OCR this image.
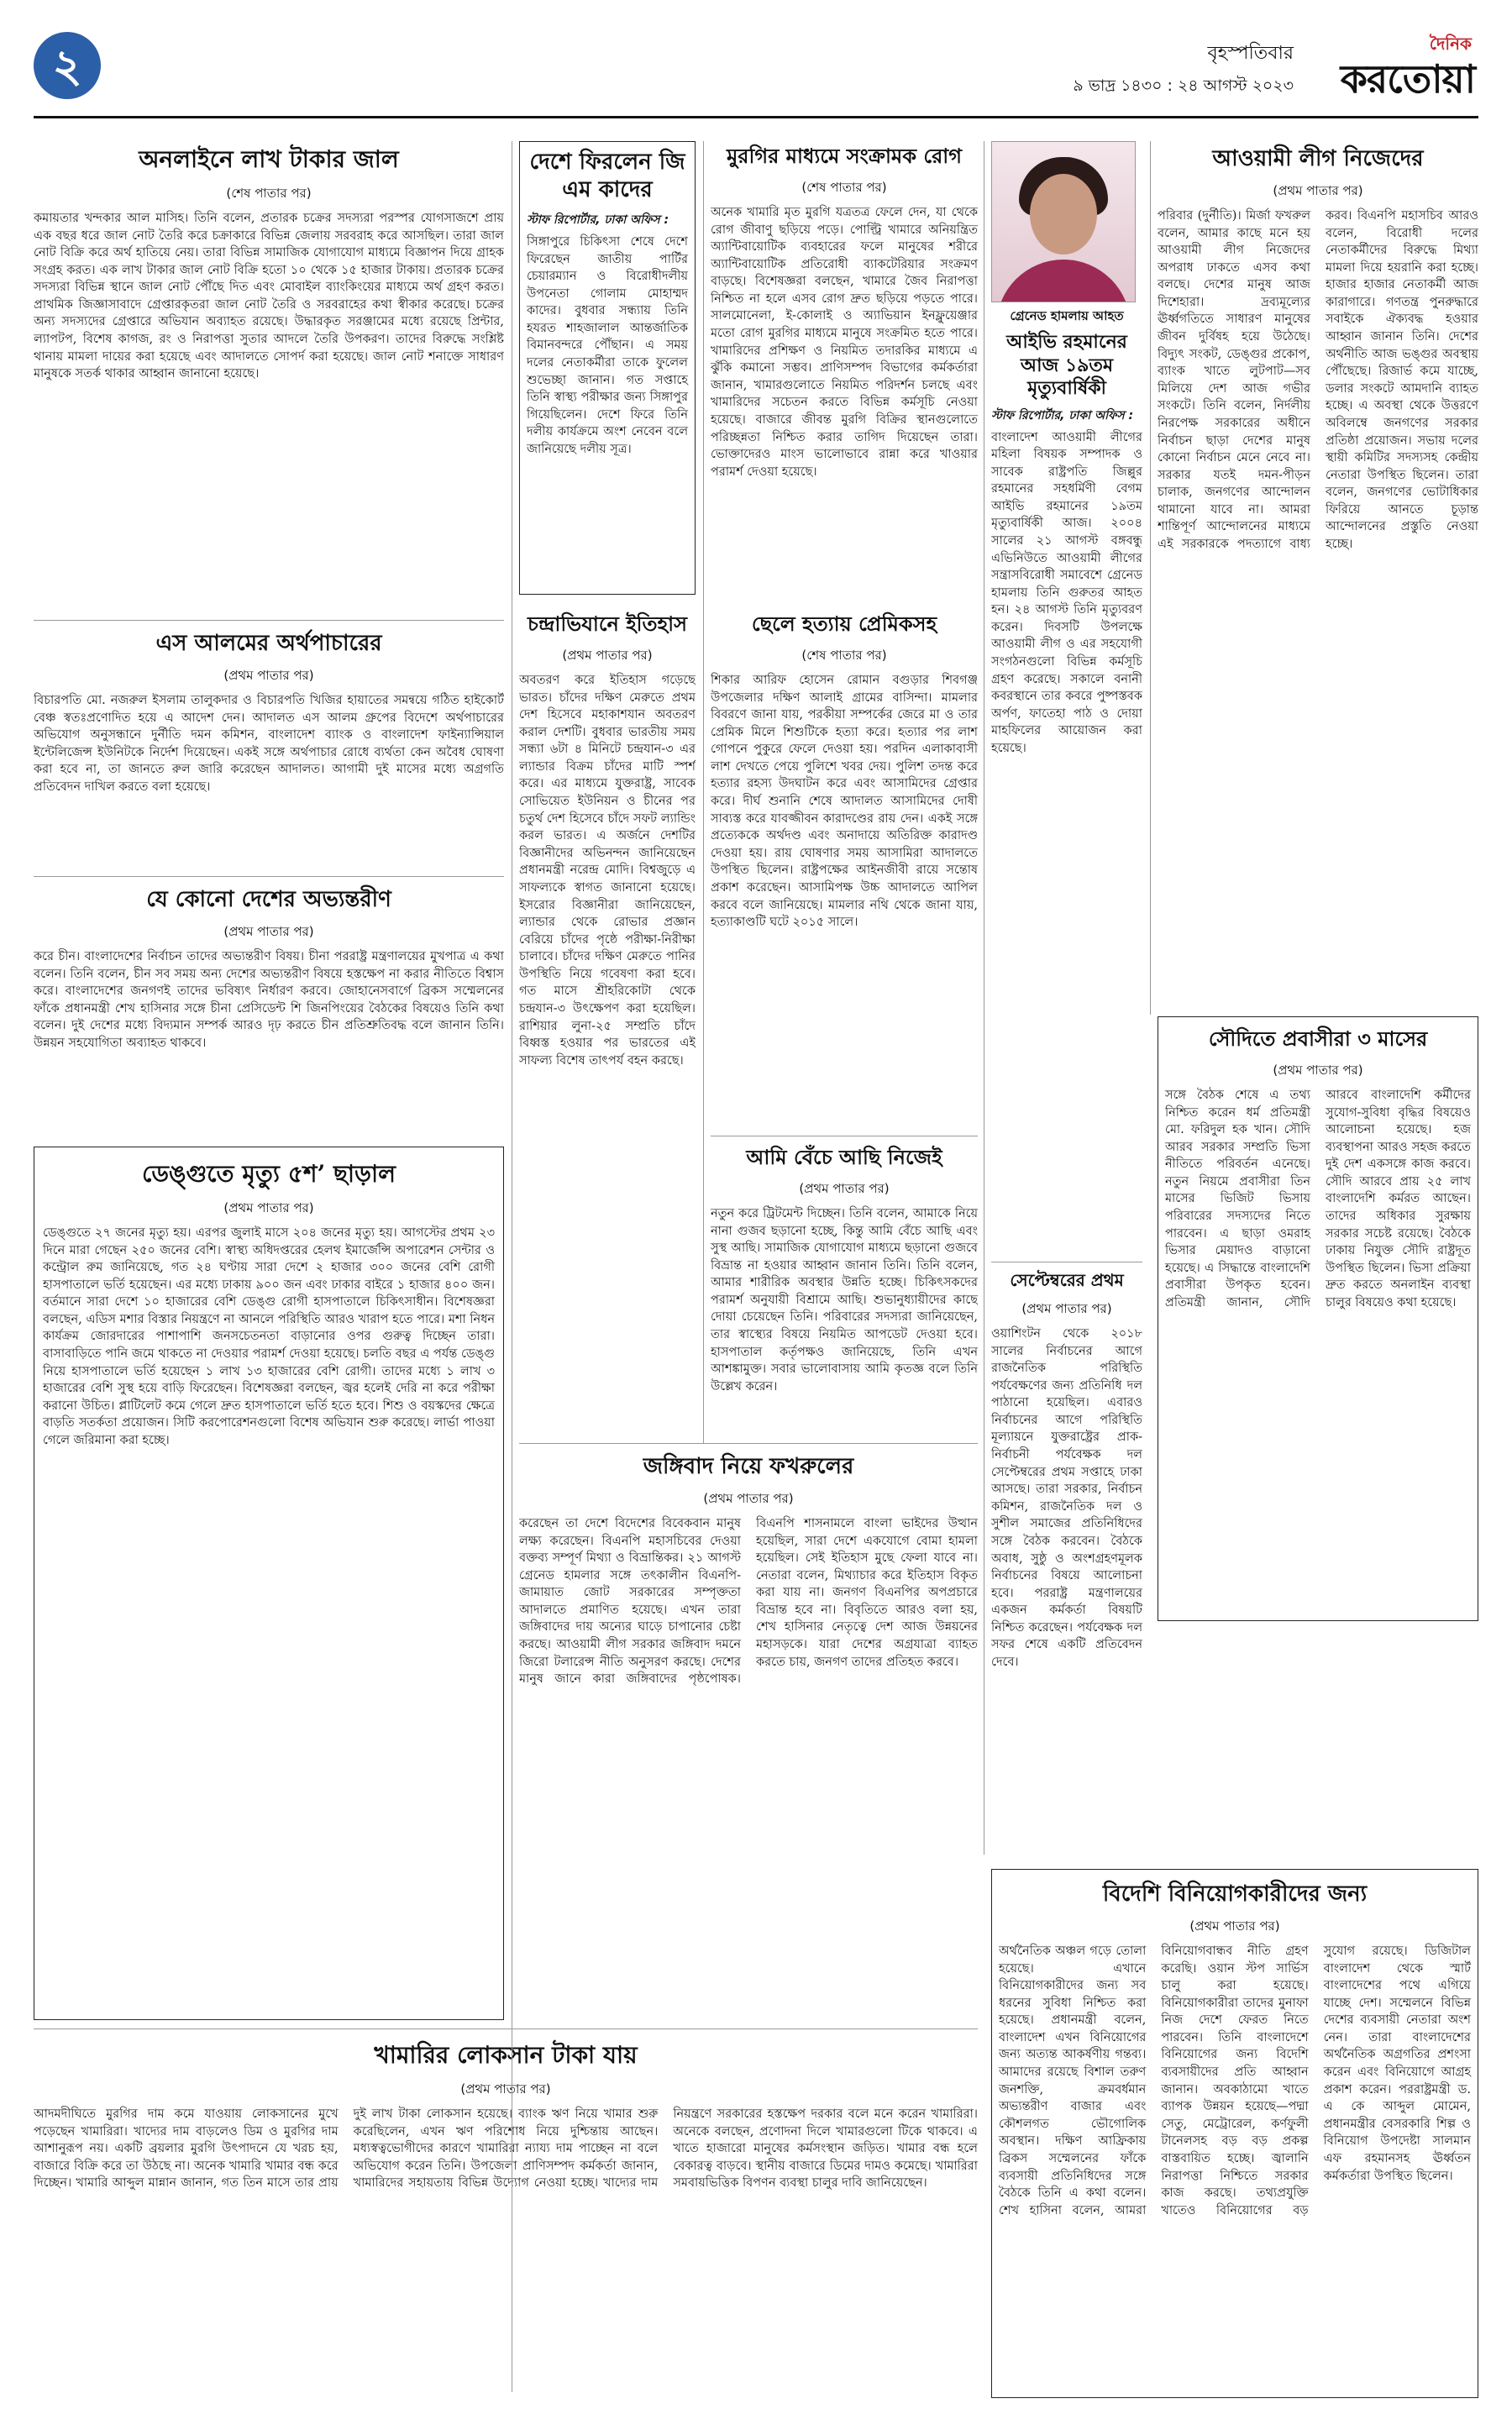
২	বৃহস্পতিবার
৯ ভাদ্র ১৪৩০ : ২৪ আগস্ট ২০২৩
দৈনিক
করতোয়া
অনলাইনে লাখ টাকার জাল
(শেষ পাতার পর)
কমায়তার খন্দকার আল মাসিহ। তিনি বলেন, প্রতারক চক্রের সদস্যরা পরস্পর যোগসাজশে প্রায় এক বছর ধরে জাল নোট তৈরি করে চক্রাকারে বিভিন্ন জেলায় সরবরাহ করে আসছিল। তারা জাল নোট বিক্রি করে অর্থ হাতিয়ে নেয়। তারা বিভিন্ন সামাজিক যোগাযোগ মাধ্যমে বিজ্ঞাপন দিয়ে গ্রাহক সংগ্রহ করত। এক লাখ টাকার জাল নোট বিক্রি হতো ১০ থেকে ১৫ হাজার টাকায়। প্রতারক চক্রের সদস্যরা বিভিন্ন স্থানে জাল নোট পৌঁছে দিত এবং মোবাইল ব্যাংকিংয়ের মাধ্যমে অর্থ গ্রহণ করত। প্রাথমিক জিজ্ঞাসাবাদে গ্রেপ্তারকৃতরা জাল নোট তৈরি ও সরবরাহের কথা স্বীকার করেছে। চক্রের অন্য সদস্যদের গ্রেপ্তারে অভিযান অব্যাহত রয়েছে। উদ্ধারকৃত সরঞ্জামের মধ্যে রয়েছে প্রিন্টার, ল্যাপটপ, বিশেষ কাগজ, রং ও নিরাপত্তা সুতার আদলে তৈরি উপকরণ। তাদের বিরুদ্ধে সংশ্লিষ্ট থানায় মামলা দায়ের করা হয়েছে এবং আদালতে সোপর্দ করা হয়েছে। জাল নোট শনাক্তে সাধারণ মানুষকে সতর্ক থাকার আহ্বান জানানো হয়েছে।
দেশে ফিরলেন জি এম কাদের
স্টাফ রিপোর্টার, ঢাকা অফিস :
সিঙ্গাপুরে চিকিৎসা শেষে দেশে ফিরেছেন জাতীয় পার্টির চেয়ারম্যান ও বিরোধীদলীয় উপনেতা গোলাম মোহাম্মদ কাদের। বুধবার সন্ধ্যায় তিনি হযরত শাহজালাল আন্তর্জাতিক বিমানবন্দরে পৌঁছান। এ সময় দলের নেতাকর্মীরা তাকে ফুলেল শুভেচ্ছা জানান। গত সপ্তাহে তিনি স্বাস্থ্য পরীক্ষার জন্য সিঙ্গাপুর গিয়েছিলেন। দেশে ফিরে তিনি দলীয় কার্যক্রমে অংশ নেবেন বলে জানিয়েছে দলীয় সূত্র।
মুরগির মাধ্যমে সংক্রামক রোগ
(শেষ পাতার পর)
অনেক খামারি মৃত মুরগি যত্রতত্র ফেলে দেন, যা থেকে রোগ জীবাণু ছড়িয়ে পড়ে। পোল্ট্রি খামারে অনিয়ন্ত্রিত অ্যান্টিবায়োটিক ব্যবহারের ফলে মানুষের শরীরে অ্যান্টিবায়োটিক প্রতিরোধী ব্যাকটেরিয়ার সংক্রমণ বাড়ছে। বিশেষজ্ঞরা বলছেন, খামারে জৈব নিরাপত্তা নিশ্চিত না হলে এসব রোগ দ্রুত ছড়িয়ে পড়তে পারে। সালমোনেলা, ই-কোলাই ও অ্যাভিয়ান ইনফ্লুয়েঞ্জার মতো রোগ মুরগির মাধ্যমে মানুষে সংক্রমিত হতে পারে। খামারিদের প্রশিক্ষণ ও নিয়মিত তদারকির মাধ্যমে এ ঝুঁকি কমানো সম্ভব। প্রাণিসম্পদ বিভাগের কর্মকর্তারা জানান, খামারগুলোতে নিয়মিত পরিদর্শন চলছে এবং খামারিদের সচেতন করতে বিভিন্ন কর্মসূচি নেওয়া হয়েছে। বাজারে জীবন্ত মুরগি বিক্রির স্থানগুলোতে পরিচ্ছন্নতা নিশ্চিত করার তাগিদ দিয়েছেন তারা। ভোক্তাদেরও মাংস ভালোভাবে রান্না করে খাওয়ার পরামর্শ দেওয়া হয়েছে।
গ্রেনেড হামলায় আহত
আইভি রহমানের আজ ১৯তম মৃত্যুবার্ষিকী
স্টাফ রিপোর্টার, ঢাকা অফিস :
বাংলাদেশ আওয়ামী লীগের মহিলা বিষয়ক সম্পাদক ও সাবেক রাষ্ট্রপতি জিল্লুর রহমানের সহধর্মিণী বেগম আইভি রহমানের ১৯তম মৃত্যুবার্ষিকী আজ। ২০০৪ সালের ২১ আগস্ট বঙ্গবন্ধু এভিনিউতে আওয়ামী লীগের সন্ত্রাসবিরোধী সমাবেশে গ্রেনেড হামলায় তিনি গুরুতর আহত হন। ২৪ আগস্ট তিনি মৃত্যুবরণ করেন। দিবসটি উপলক্ষে আওয়ামী লীগ ও এর সহযোগী সংগঠনগুলো বিভিন্ন কর্মসূচি গ্রহণ করেছে। সকালে বনানী কবরস্থানে তার কবরে পুষ্পস্তবক অর্পণ, ফাতেহা পাঠ ও দোয়া মাহফিলের আয়োজন করা হয়েছে।
আওয়ামী লীগ নিজেদের
(প্রথম পাতার পর)
পরিবার (দুর্নীতি)। মির্জা ফখরুল বলেন, আমার কাছে মনে হয় আওয়ামী লীগ নিজেদের অপরাধ ঢাকতে এসব কথা বলছে। দেশের মানুষ আজ দিশেহারা। দ্রব্যমূল্যের ঊর্ধ্বগতিতে সাধারণ মানুষের জীবন দুর্বিষহ হয়ে উঠেছে। বিদ্যুৎ সংকট, ডেঙ্গুর প্রকোপ, ব্যাংক খাতে লুটপাট—সব মিলিয়ে দেশ আজ গভীর সংকটে। তিনি বলেন, নির্দলীয় নিরপেক্ষ সরকারের অধীনে নির্বাচন ছাড়া দেশের মানুষ কোনো নির্বাচন মেনে নেবে না। সরকার যতই দমন-পীড়ন চালাক, জনগণের আন্দোলন থামানো যাবে না। আমরা শান্তিপূর্ণ আন্দোলনের মাধ্যমে এই সরকারকে পদত্যাগে বাধ্য করব। বিএনপি মহাসচিব আরও বলেন, বিরোধী দলের নেতাকর্মীদের বিরুদ্ধে মিথ্যা মামলা দিয়ে হয়রানি করা হচ্ছে। হাজার হাজার নেতাকর্মী আজ কারাগারে। গণতন্ত্র পুনরুদ্ধারে সবাইকে ঐক্যবদ্ধ হওয়ার আহ্বান জানান তিনি। দেশের অর্থনীতি আজ ভঙ্গুর অবস্থায় পৌঁছেছে। রিজার্ভ কমে যাচ্ছে, ডলার সংকটে আমদানি ব্যাহত হচ্ছে। এ অবস্থা থেকে উত্তরণে অবিলম্বে জনগণের সরকার প্রতিষ্ঠা প্রয়োজন। সভায় দলের স্থায়ী কমিটির সদস্যসহ কেন্দ্রীয় নেতারা উপস্থিত ছিলেন। তারা বলেন, জনগণের ভোটাধিকার ফিরিয়ে আনতে চূড়ান্ত আন্দোলনের প্রস্তুতি নেওয়া হচ্ছে।
এস আলমের অর্থপাচারের
(প্রথম পাতার পর)
বিচারপতি মো. নজরুল ইসলাম তালুকদার ও বিচারপতি খিজির হায়াতের সমন্বয়ে গঠিত হাইকোর্ট বেঞ্চ স্বতঃপ্রণোদিত হয়ে এ আদেশ দেন। আদালত এস আলম গ্রুপের বিদেশে অর্থপাচারের অভিযোগ অনুসন্ধানে দুর্নীতি দমন কমিশন, বাংলাদেশ ব্যাংক ও বাংলাদেশ ফাইন্যান্সিয়াল ইন্টেলিজেন্স ইউনিটকে নির্দেশ দিয়েছেন। একই সঙ্গে অর্থপাচার রোধে ব্যর্থতা কেন অবৈধ ঘোষণা করা হবে না, তা জানতে রুল জারি করেছেন আদালত। আগামী দুই মাসের মধ্যে অগ্রগতি প্রতিবেদন দাখিল করতে বলা হয়েছে।
যে কোনো দেশের অভ্যন্তরীণ
(প্রথম পাতার পর)
করে চীন। বাংলাদেশের নির্বাচন তাদের অভ্যন্তরীণ বিষয়। চীনা পররাষ্ট্র মন্ত্রণালয়ের মুখপাত্র এ কথা বলেন। তিনি বলেন, চীন সব সময় অন্য দেশের অভ্যন্তরীণ বিষয়ে হস্তক্ষেপ না করার নীতিতে বিশ্বাস করে। বাংলাদেশের জনগণই তাদের ভবিষ্যৎ নির্ধারণ করবে। জোহানেসবার্গে ব্রিকস সম্মেলনের ফাঁকে প্রধানমন্ত্রী শেখ হাসিনার সঙ্গে চীনা প্রেসিডেন্ট শি জিনপিংয়ের বৈঠকের বিষয়েও তিনি কথা বলেন। দুই দেশের মধ্যে বিদ্যমান সম্পর্ক আরও দৃঢ় করতে চীন প্রতিশ্রুতিবদ্ধ বলে জানান তিনি। উন্নয়ন সহযোগিতা অব্যাহত থাকবে।
চন্দ্রাভিযানে ইতিহাস
(প্রথম পাতার পর)
অবতরণ করে ইতিহাস গড়েছে ভারত। চাঁদের দক্ষিণ মেরুতে প্রথম দেশ হিসেবে মহাকাশযান অবতরণ করাল দেশটি। বুধবার ভারতীয় সময় সন্ধ্যা ৬টা ৪ মিনিটে চন্দ্রযান-৩ এর ল্যান্ডার বিক্রম চাঁদের মাটি স্পর্শ করে। এর মাধ্যমে যুক্তরাষ্ট্র, সাবেক সোভিয়েত ইউনিয়ন ও চীনের পর চতুর্থ দেশ হিসেবে চাঁদে সফট ল্যান্ডিং করল ভারত। এ অর্জনে দেশটির বিজ্ঞানীদের অভিনন্দন জানিয়েছেন প্রধানমন্ত্রী নরেন্দ্র মোদি। বিশ্বজুড়ে এ সাফল্যকে স্বাগত জানানো হয়েছে। ইসরোর বিজ্ঞানীরা জানিয়েছেন, ল্যান্ডার থেকে রোভার প্রজ্ঞান বেরিয়ে চাঁদের পৃষ্ঠে পরীক্ষা-নিরীক্ষা চালাবে। চাঁদের দক্ষিণ মেরুতে পানির উপস্থিতি নিয়ে গবেষণা করা হবে। গত মাসে শ্রীহরিকোটা থেকে চন্দ্রযান-৩ উৎক্ষেপণ করা হয়েছিল। রাশিয়ার লুনা-২৫ সম্প্রতি চাঁদে বিধ্বস্ত হওয়ার পর ভারতের এই সাফল্য বিশেষ তাৎপর্য বহন করছে।
ছেলে হত্যায় প্রেমিকসহ
(শেষ পাতার পর)
শিকার আরিফ হোসেন রোমান বগুড়ার শিবগঞ্জ উপজেলার দক্ষিণ আলাই গ্রামের বাসিন্দা। মামলার বিবরণে জানা যায়, পরকীয়া সম্পর্কের জেরে মা ও তার প্রেমিক মিলে শিশুটিকে হত্যা করে। হত্যার পর লাশ গোপনে পুকুরে ফেলে দেওয়া হয়। পরদিন এলাকাবাসী লাশ দেখতে পেয়ে পুলিশে খবর দেয়। পুলিশ তদন্ত করে হত্যার রহস্য উদঘাটন করে এবং আসামিদের গ্রেপ্তার করে। দীর্ঘ শুনানি শেষে আদালত আসামিদের দোষী সাব্যস্ত করে যাবজ্জীবন কারাদণ্ডের রায় দেন। একই সঙ্গে প্রত্যেককে অর্থদণ্ড এবং অনাদায়ে অতিরিক্ত কারাদণ্ড দেওয়া হয়। রায় ঘোষণার সময় আসামিরা আদালতে উপস্থিত ছিলেন। রাষ্ট্রপক্ষের আইনজীবী রায়ে সন্তোষ প্রকাশ করেছেন। আসামিপক্ষ উচ্চ আদালতে আপিল করবে বলে জানিয়েছে। মামলার নথি থেকে জানা যায়, হত্যাকাণ্ডটি ঘটে ২০১৫ সালে।
আমি বেঁচে আছি নিজেই
(প্রথম পাতার পর)
নতুন করে ট্রিটমেন্ট দিচ্ছেন। তিনি বলেন, আমাকে নিয়ে নানা গুজব ছড়ানো হচ্ছে, কিন্তু আমি বেঁচে আছি এবং সুস্থ আছি। সামাজিক যোগাযোগ মাধ্যমে ছড়ানো গুজবে বিভ্রান্ত না হওয়ার আহ্বান জানান তিনি। তিনি বলেন, আমার শারীরিক অবস্থার উন্নতি হচ্ছে। চিকিৎসকদের পরামর্শ অনুযায়ী বিশ্রামে আছি। শুভানুধ্যায়ীদের কাছে দোয়া চেয়েছেন তিনি। পরিবারের সদস্যরা জানিয়েছেন, তার স্বাস্থ্যের বিষয়ে নিয়মিত আপডেট দেওয়া হবে। হাসপাতাল কর্তৃপক্ষও জানিয়েছে, তিনি এখন আশঙ্কামুক্ত। সবার ভালোবাসায় আমি কৃতজ্ঞ বলে তিনি উল্লেখ করেন।
সেপ্টেম্বরের প্রথম
(প্রথম পাতার পর)
ওয়াশিংটন থেকে ২০১৮ সালের নির্বাচনের আগে রাজনৈতিক পরিস্থিতি পর্যবেক্ষণের জন্য প্রতিনিধি দল পাঠানো হয়েছিল। এবারও নির্বাচনের আগে পরিস্থিতি মূল্যায়নে যুক্তরাষ্ট্রের প্রাক-নির্বাচনী পর্যবেক্ষক দল সেপ্টেম্বরের প্রথম সপ্তাহে ঢাকা আসছে। তারা সরকার, নির্বাচন কমিশন, রাজনৈতিক দল ও সুশীল সমাজের প্রতিনিধিদের সঙ্গে বৈঠক করবেন। বৈঠকে অবাধ, সুষ্ঠু ও অংশগ্রহণমূলক নির্বাচনের বিষয়ে আলোচনা হবে। পররাষ্ট্র মন্ত্রণালয়ের একজন কর্মকর্তা বিষয়টি নিশ্চিত করেছেন। পর্যবেক্ষক দল সফর শেষে একটি প্রতিবেদন দেবে।
সৌদিতে প্রবাসীরা ৩ মাসের
(প্রথম পাতার পর)
সঙ্গে বৈঠক শেষে এ তথ্য নিশ্চিত করেন ধর্ম প্রতিমন্ত্রী মো. ফরিদুল হক খান। সৌদি আরব সরকার সম্প্রতি ভিসা নীতিতে পরিবর্তন এনেছে। নতুন নিয়মে প্রবাসীরা তিন মাসের ভিজিট ভিসায় পরিবারের সদস্যদের নিতে পারবেন। এ ছাড়া ওমরাহ ভিসার মেয়াদও বাড়ানো হয়েছে। এ সিদ্ধান্তে বাংলাদেশি প্রবাসীরা উপকৃত হবেন। প্রতিমন্ত্রী জানান, সৌদি আরবে বাংলাদেশি কর্মীদের সুযোগ-সুবিধা বৃদ্ধির বিষয়েও আলোচনা হয়েছে। হজ ব্যবস্থাপনা আরও সহজ করতে দুই দেশ একসঙ্গে কাজ করবে। সৌদি আরবে প্রায় ২৫ লাখ বাংলাদেশি কর্মরত আছেন। তাদের অধিকার সুরক্ষায় সরকার সচেষ্ট রয়েছে। বৈঠকে ঢাকায় নিযুক্ত সৌদি রাষ্ট্রদূত উপস্থিত ছিলেন। ভিসা প্রক্রিয়া দ্রুত করতে অনলাইন ব্যবস্থা চালুর বিষয়েও কথা হয়েছে।
ডেঙ্গুতে মৃত্যু ৫শ’ ছাড়াল
(প্রথম পাতার পর)
ডেঙ্গুতে ২৭ জনের মৃত্যু হয়। এরপর জুলাই মাসে ২০৪ জনের মৃত্যু হয়। আগস্টের প্রথম ২৩ দিনে মারা গেছেন ২৫০ জনের বেশি। স্বাস্থ্য অধিদপ্তরের হেলথ ইমার্জেন্সি অপারেশন সেন্টার ও কন্ট্রোল রুম জানিয়েছে, গত ২৪ ঘণ্টায় সারা দেশে ২ হাজার ৩০০ জনের বেশি রোগী হাসপাতালে ভর্তি হয়েছেন। এর মধ্যে ঢাকায় ৯০০ জন এবং ঢাকার বাইরে ১ হাজার ৪০০ জন। বর্তমানে সারা দেশে ১০ হাজারের বেশি ডেঙ্গু রোগী হাসপাতালে চিকিৎসাধীন। বিশেষজ্ঞরা বলছেন, এডিস মশার বিস্তার নিয়ন্ত্রণে না আনলে পরিস্থিতি আরও খারাপ হতে পারে। মশা নিধন কার্যক্রম জোরদারের পাশাপাশি জনসচেতনতা বাড়ানোর ওপর গুরুত্ব দিচ্ছেন তারা। বাসাবাড়িতে পানি জমে থাকতে না দেওয়ার পরামর্শ দেওয়া হয়েছে। চলতি বছর এ পর্যন্ত ডেঙ্গু নিয়ে হাসপাতালে ভর্তি হয়েছেন ১ লাখ ১৩ হাজারের বেশি রোগী। তাদের মধ্যে ১ লাখ ৩ হাজারের বেশি সুস্থ হয়ে বাড়ি ফিরেছেন। বিশেষজ্ঞরা বলছেন, জ্বর হলেই দেরি না করে পরীক্ষা করানো উচিত। প্লাটিলেট কমে গেলে দ্রুত হাসপাতালে ভর্তি হতে হবে। শিশু ও বয়স্কদের ক্ষেত্রে বাড়তি সতর্কতা প্রয়োজন। সিটি করপোরেশনগুলো বিশেষ অভিযান শুরু করেছে। লার্ভা পাওয়া গেলে জরিমানা করা হচ্ছে।
জঙ্গিবাদ নিয়ে ফখরুলের
(প্রথম পাতার পর)
করেছেন তা দেশে বিদেশের বিবেকবান মানুষ লক্ষ্য করেছেন। বিএনপি মহাসচিবের দেওয়া বক্তব্য সম্পূর্ণ মিথ্যা ও বিভ্রান্তিকর। ২১ আগস্ট গ্রেনেড হামলার সঙ্গে তৎকালীন বিএনপি-জামায়াত জোট সরকারের সম্পৃক্ততা আদালতে প্রমাণিত হয়েছে। এখন তারা জঙ্গিবাদের দায় অন্যের ঘাড়ে চাপানোর চেষ্টা করছে। আওয়ামী লীগ সরকার জঙ্গিবাদ দমনে জিরো টলারেন্স নীতি অনুসরণ করছে। দেশের মানুষ জানে কারা জঙ্গিবাদের পৃষ্ঠপোষক। বিএনপি শাসনামলে বাংলা ভাইদের উত্থান হয়েছিল, সারা দেশে একযোগে বোমা হামলা হয়েছিল। সেই ইতিহাস মুছে ফেলা যাবে না। নেতারা বলেন, মিথ্যাচার করে ইতিহাস বিকৃত করা যায় না। জনগণ বিএনপির অপপ্রচারে বিভ্রান্ত হবে না। বিবৃতিতে আরও বলা হয়, শেখ হাসিনার নেতৃত্বে দেশ আজ উন্নয়নের মহাসড়কে। যারা দেশের অগ্রযাত্রা ব্যাহত করতে চায়, জনগণ তাদের প্রতিহত করবে।
বিদেশি বিনিয়োগকারীদের জন্য
(প্রথম পাতার পর)
অর্থনৈতিক অঞ্চল গড়ে তোলা হয়েছে। এখানে বিনিয়োগকারীদের জন্য সব ধরনের সুবিধা নিশ্চিত করা হয়েছে। প্রধানমন্ত্রী বলেন, বাংলাদেশ এখন বিনিয়োগের জন্য অত্যন্ত আকর্ষণীয় গন্তব্য। আমাদের রয়েছে বিশাল তরুণ জনশক্তি, ক্রমবর্ধমান অভ্যন্তরীণ বাজার এবং কৌশলগত ভৌগোলিক অবস্থান। দক্ষিণ আফ্রিকায় ব্রিকস সম্মেলনের ফাঁকে ব্যবসায়ী প্রতিনিধিদের সঙ্গে বৈঠকে তিনি এ কথা বলেন। শেখ হাসিনা বলেন, আমরা বিনিয়োগবান্ধব নীতি গ্রহণ করেছি। ওয়ান স্টপ সার্ভিস চালু করা হয়েছে। বিনিয়োগকারীরা তাদের মুনাফা নিজ দেশে ফেরত নিতে পারবেন। তিনি বাংলাদেশে বিনিয়োগের জন্য বিদেশি ব্যবসায়ীদের প্রতি আহ্বান জানান। অবকাঠামো খাতে ব্যাপক উন্নয়ন হয়েছে—পদ্মা সেতু, মেট্রোরেল, কর্ণফুলী টানেলসহ বড় বড় প্রকল্প বাস্তবায়িত হচ্ছে। জ্বালানি নিরাপত্তা নিশ্চিতে সরকার কাজ করছে। তথ্যপ্রযুক্তি খাতেও বিনিয়োগের বড় সুযোগ রয়েছে। ডিজিটাল বাংলাদেশ থেকে স্মার্ট বাংলাদেশের পথে এগিয়ে যাচ্ছে দেশ। সম্মেলনে বিভিন্ন দেশের ব্যবসায়ী নেতারা অংশ নেন। তারা বাংলাদেশের অর্থনৈতিক অগ্রগতির প্রশংসা করেন এবং বিনিয়োগে আগ্রহ প্রকাশ করেন। পররাষ্ট্রমন্ত্রী ড. এ কে আব্দুল মোমেন, প্রধানমন্ত্রীর বেসরকারি শিল্প ও বিনিয়োগ উপদেষ্টা সালমান এফ রহমানসহ ঊর্ধ্বতন কর্মকর্তারা উপস্থিত ছিলেন।
খামারির লোকসান টাকা যায়
(প্রথম পাতার পর)
আদমদীঘিতে মুরগির দাম কমে যাওয়ায় লোকসানের মুখে পড়েছেন খামারিরা। খাদ্যের দাম বাড়লেও ডিম ও মুরগির দাম আশানুরূপ নয়। একটি ব্রয়লার মুরগি উৎপাদনে যে খরচ হয়, বাজারে বিক্রি করে তা উঠছে না। অনেক খামারি খামার বন্ধ করে দিচ্ছেন। খামারি আব্দুল মান্নান জানান, গত তিন মাসে তার প্রায় দুই লাখ টাকা লোকসান হয়েছে। ব্যাংক ঋণ নিয়ে খামার শুরু করেছিলেন, এখন ঋণ পরিশোধ নিয়ে দুশ্চিন্তায় আছেন। মধ্যস্বত্বভোগীদের কারণে খামারিরা ন্যায্য দাম পাচ্ছেন না বলে অভিযোগ করেন তিনি। উপজেলা প্রাণিসম্পদ কর্মকর্তা জানান, খামারিদের সহায়তায় বিভিন্ন উদ্যোগ নেওয়া হচ্ছে। খাদ্যের দাম নিয়ন্ত্রণে সরকারের হস্তক্ষেপ দরকার বলে মনে করেন খামারিরা। অনেকে বলছেন, প্রণোদনা দিলে খামারগুলো টিকে থাকবে। এ খাতে হাজারো মানুষের কর্মসংস্থান জড়িত। খামার বন্ধ হলে বেকারত্ব বাড়বে। স্থানীয় বাজারে ডিমের দামও কমেছে। খামারিরা সমবায়ভিত্তিক বিপণন ব্যবস্থা চালুর দাবি জানিয়েছেন।
